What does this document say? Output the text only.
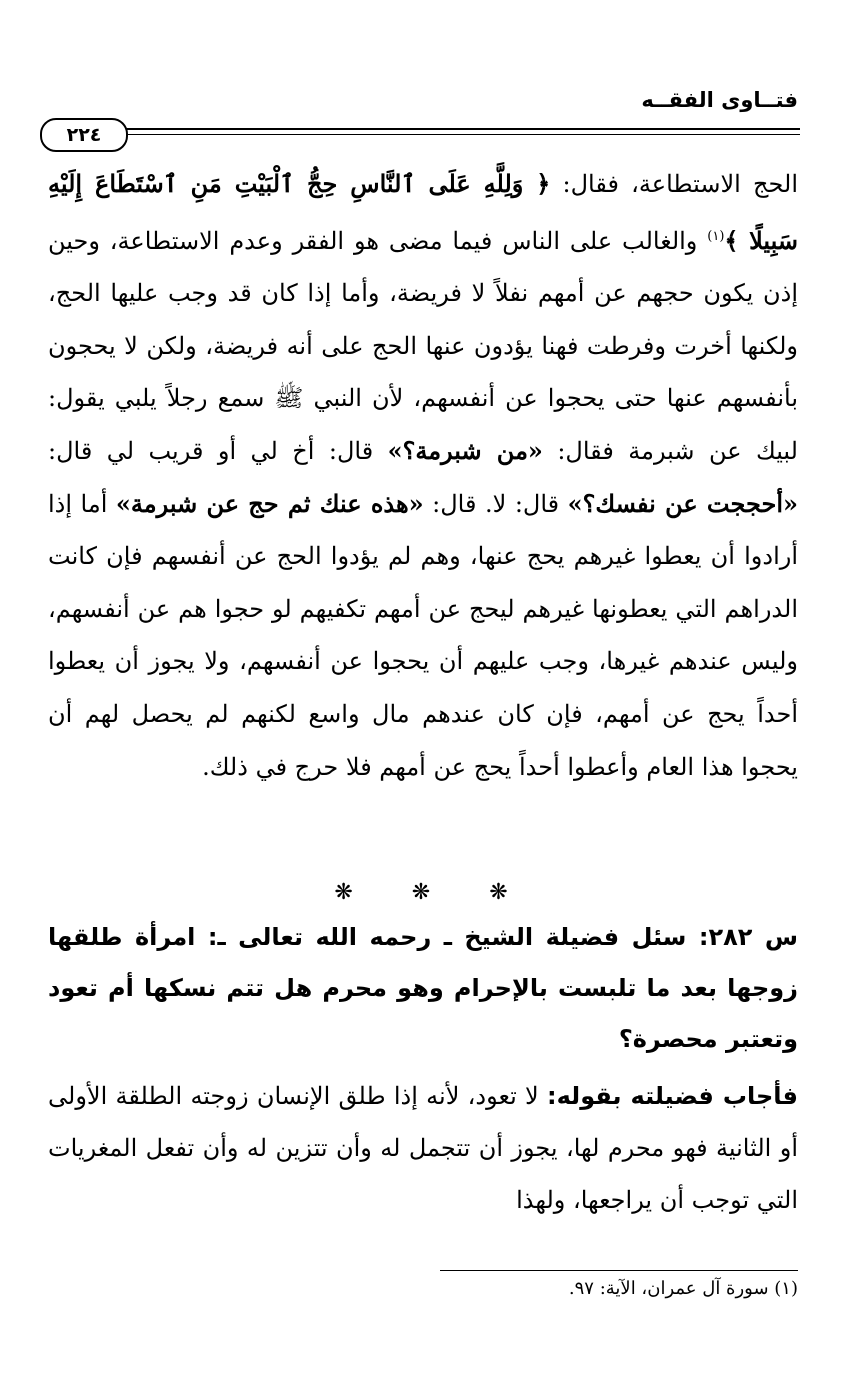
فتــاوى الفقــه
٢٢٤

الحج الاستطاعة، فقال: ﴿ وَلِلَّهِ عَلَى ٱلنَّاسِ حِجُّ ٱلْبَيْتِ مَنِ ٱسْتَطَاعَ إِلَيْهِ سَبِيلًا ﴾$^{(١)}$ والغالب على الناس فيما مضى هو الفقر وعدم الاستطاعة، وحين إذن يكون حجهم عن أمهم نفلاً لا فريضة، وأما إذا كان قد وجب عليها الحج، ولكنها أخرت وفرطت فهنا يؤدون عنها الحج على أنه فريضة، ولكن لا يحجون بأنفسهم عنها حتى يحجوا عن أنفسهم، لأن النبي ﷺ سمع رجلاً يلبي يقول: لبيك عن شبرمة فقال: «من شبرمة؟» قال: أخ لي أو قريب لي قال: «أحججت عن نفسك؟» قال: لا. قال: «هذه عنك ثم حج عن شبرمة» أما إذا أرادوا أن يعطوا غيرهم يحج عنها، وهم لم يؤدوا الحج عن أنفسهم فإن كانت الدراهم التي يعطونها غيرهم ليحج عن أمهم تكفيهم لو حجوا هم عن أنفسهم، وليس عندهم غيرها، وجب عليهم أن يحجوا عن أنفسهم، ولا يجوز أن يعطوا أحداً يحج عن أمهم، فإن كان عندهم مال واسع لكنهم لم يحصل لهم أن يحجوا هذا العام وأعطوا أحداً يحج عن أمهم فلا حرج في ذلك.

❋ ❋ ❋

س ٢٨٢: سئل فضيلة الشيخ ـ رحمه الله تعالى ـ: امرأة طلقها زوجها بعد ما تلبست بالإحرام وهو محرم هل تتم نسكها أم تعود وتعتبر محصرة؟

فأجاب فضيلته بقوله: لا تعود، لأنه إذا طلق الإنسان زوجته الطلقة الأولى أو الثانية فهو محرم لها، يجوز أن تتجمل له وأن تتزين له وأن تفعل المغريات التي توجب أن يراجعها، ولهذا

(١) سورة آل عمران، الآية: ٩٧.
